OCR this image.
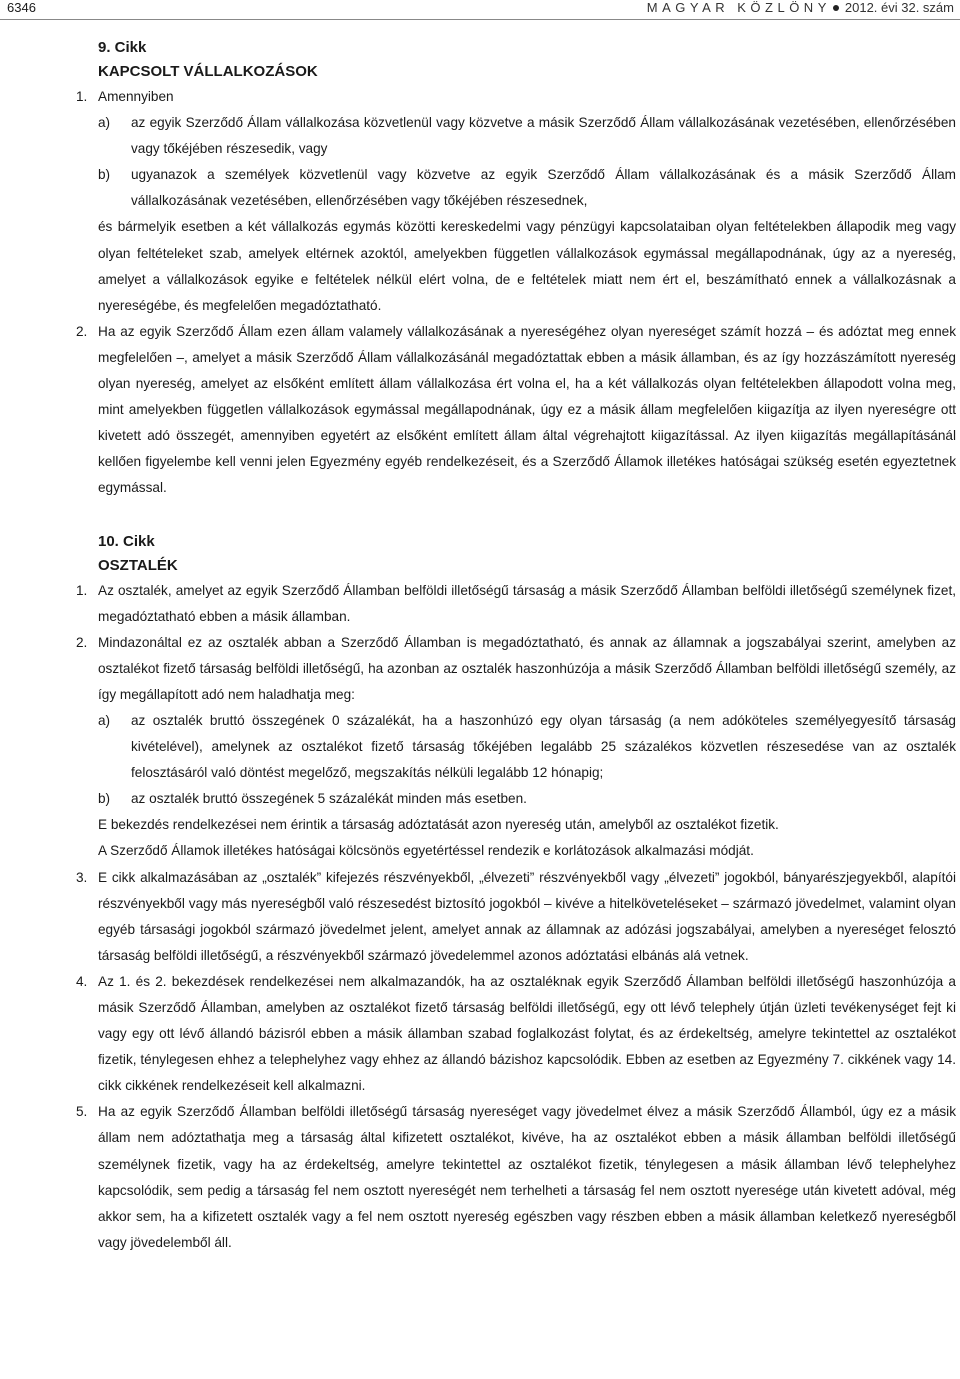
6346	MAGYAR KÖZLÖNY 2012. évi 32. szám
9. Cikk
KAPCSOLT VÁLLALKOZÁSOK
1. Amennyiben
a) az egyik Szerződő Állam vállalkozása közvetlenül vagy közvetve a másik Szerződő Állam vállalkozásának vezetésében, ellenőrzésében vagy tőkéjében részesedik, vagy
b) ugyanazok a személyek közvetlenül vagy közvetve az egyik Szerződő Állam vállalkozásának és a másik Szerződő Állam vállalkozásának vezetésében, ellenőrzésében vagy tőkéjében részesednek,
és bármelyik esetben a két vállalkozás egymás közötti kereskedelmi vagy pénzügyi kapcsolataiban olyan feltételekben állapodik meg vagy olyan feltételeket szab, amelyek eltérnek azoktól, amelyekben független vállalkozások egymással megállapodnának, úgy az a nyereség, amelyet a vállalkozások egyike e feltételek nélkül elért volna, de e feltételek miatt nem ért el, beszámítható ennek a vállalkozásnak a nyereségébe, és megfelelően megadóztatható.
2. Ha az egyik Szerződő Állam ezen állam valamely vállalkozásának a nyereségéhez olyan nyereséget számít hozzá – és adóztat meg ennek megfelelően –, amelyet a másik Szerződő Állam vállalkozásánál megadóztattak ebben a másik államban, és az így hozzászámított nyereség olyan nyereség, amelyet az elsőként említett állam vállalkozása ért volna el, ha a két vállalkozás olyan feltételekben állapodott volna meg, mint amelyekben független vállalkozások egymással megállapodnának, úgy ez a másik állam megfelelően kiigazítja az ilyen nyereségre ott kivetett adó összegét, amennyiben egyetért az elsőként említett állam által végrehajtott kiigazítással. Az ilyen kiigazítás megállapításánál kellően figyelembe kell venni jelen Egyezmény egyéb rendelkezéseit, és a Szerződő Államok illetékes hatóságai szükség esetén egyeztetnek egymással.
10. Cikk
OSZTALÉK
1. Az osztalék, amelyet az egyik Szerződő Államban belföldi illetőségű társaság a másik Szerződő Államban belföldi illetőségű személynek fizet, megadóztatható ebben a másik államban.
2. Mindazonáltal ez az osztalék abban a Szerződő Államban is megadóztatható, és annak az államnak a jogszabályai szerint, amelyben az osztalékot fizető társaság belföldi illetőségű, ha azonban az osztalék haszonhúzója a másik Szerződő Államban belföldi illetőségű személy, az így megállapított adó nem haladhatja meg:
a) az osztalék bruttó összegének 0 százalékát, ha a haszonhúzó egy olyan társaság (a nem adóköteles személyegyesítő társaság kivételével), amelynek az osztalékot fizető társaság tőkéjében legalább 25 százalékos közvetlen részesedése van az osztalék felosztásáról való döntést megelőző, megszakítás nélküli legalább 12 hónapig;
b) az osztalék bruttó összegének 5 százalékát minden más esetben.
E bekezdés rendelkezései nem érintik a társaság adóztatását azon nyereség után, amelyből az osztalékot fizetik.
A Szerződő Államok illetékes hatóságai kölcsönös egyetértéssel rendezik e korlátozások alkalmazási módját.
3. E cikk alkalmazásában az „osztalék” kifejezés részvényekből, „élvezeti” részvényekből vagy „élvezeti” jogokból, bányarészjegyekből, alapítói részvényekből vagy más nyereségből való részesedést biztosító jogokból – kivéve a hitelköveteléseket – származó jövedelmet, valamint olyan egyéb társasági jogokból származó jövedelmet jelent, amelyet annak az államnak az adózási jogszabályai, amelyben a nyereséget felosztó társaság belföldi illetőségű, a részvényekből származó jövedelemmel azonos adóztatási elbánás alá vetnek.
4. Az 1. és 2. bekezdések rendelkezései nem alkalmazandók, ha az osztaléknak egyik Szerződő Államban belföldi illetőségű haszonhúzója a másik Szerződő Államban, amelyben az osztalékot fizető társaság belföldi illetőségű, egy ott lévő telephely útján üzleti tevékenységet fejt ki vagy egy ott lévő állandó bázisról ebben a másik államban szabad foglalkozást folytat, és az érdekeltség, amelyre tekintettel az osztalékot fizetik, ténylegesen ehhez a telephelyhez vagy ehhez az állandó bázishoz kapcsolódik. Ebben az esetben az Egyezmény 7. cikkének vagy 14. cikk cikkének rendelkezéseit kell alkalmazni.
5. Ha az egyik Szerződő Államban belföldi illetőségű társaság nyereséget vagy jövedelmet élvez a másik Szerződő Államból, úgy ez a másik állam nem adóztathatja meg a társaság által kifizetett osztalékot, kivéve, ha az osztalékot ebben a másik államban belföldi illetőségű személynek fizetik, vagy ha az érdekeltség, amelyre tekintettel az osztalékot fizetik, ténylegesen a másik államban lévő telephelyhez kapcsolódik, sem pedig a társaság fel nem osztott nyereségét nem terhelheti a társaság fel nem osztott nyeresége után kivetett adóval, még akkor sem, ha a kifizetett osztalék vagy a fel nem osztott nyereség egészben vagy részben ebben a másik államban keletkező nyereségből vagy jövedelemből áll.
